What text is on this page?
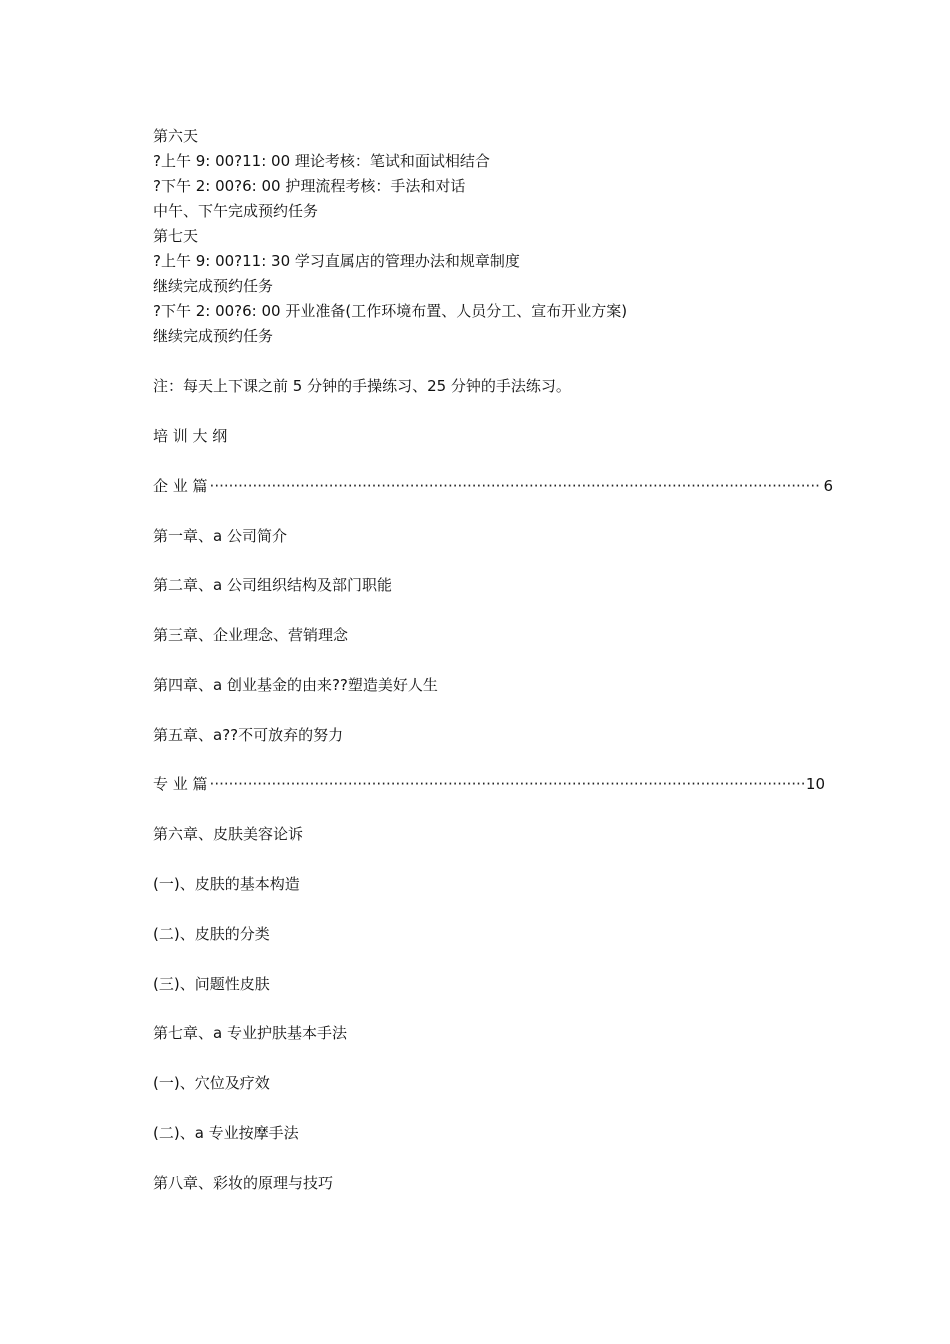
第六天
?上午 9: 00?11: 00 理论考核：笔试和面试相结合
?下午 2: 00?6: 00 护理流程考核：手法和对话
中午、下午完成预约任务
第七天
?上午 9: 00?11: 30 学习直属店的管理办法和规章制度
继续完成预约任务
?下午 2: 00?6: 00 开业准备(工作环境布置、人员分工、宣布开业方案)
继续完成预约任务
注：每天上下课之前 5 分钟的手操练习、25 分钟的手法练习。
培 训 大 纲
企 业 篇 ·····	6
第一章、a 公司简介
第二章、a 公司组织结构及部门职能
第三章、企业理念、营销理念
第四章、a 创业基金的由来??塑造美好人生
第五章、a??不可放弃的努力
专 业 篇 ·····	10
第六章、皮肤美容论诉
(一)、皮肤的基本构造
(二)、皮肤的分类
(三)、问题性皮肤
第七章、a 专业护肤基本手法
(一)、穴位及疗效
(二)、a 专业按摩手法
第八章、彩妆的原理与技巧
